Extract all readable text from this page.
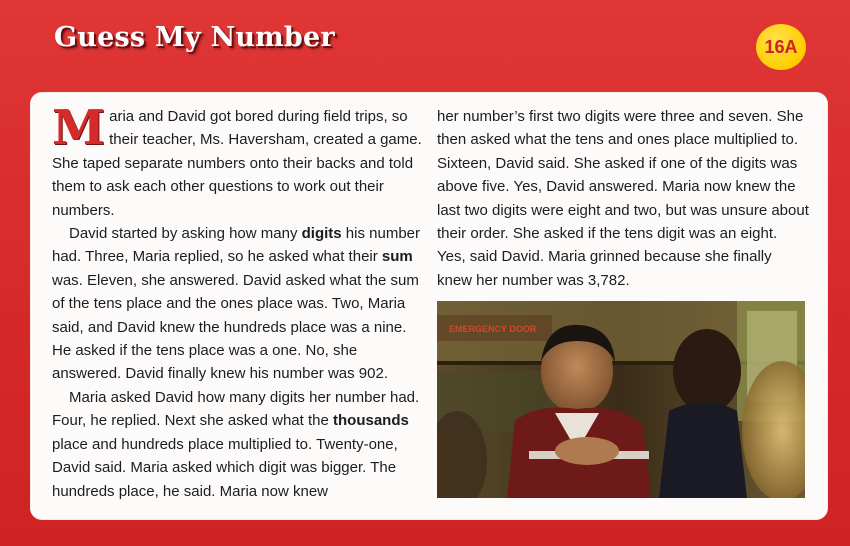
Guess My Number	16A

Maria and David got bored during field trips, so their teacher, Ms. Haversham, created a game. She taped separate numbers onto their backs and told them to ask each other questions to work out their numbers.

David started by asking how many digits his number had. Three, Maria replied, so he asked what their sum was. Eleven, she answered. David asked what the sum of the tens place and the ones place was. Two, Maria said, and David knew the hundreds place was a nine. He asked if the tens place was a one. No, she answered. David finally knew his number was 902.

Maria asked David how many digits her number had. Four, he replied. Next she asked what the thousands place and hundreds place multiplied to. Twenty-one, David said. Maria asked which digit was bigger. The hundreds place, he said. Maria now knew

her number’s first two digits were three and seven. She then asked what the tens and ones place multiplied to. Sixteen, David said. She asked if one of the digits was above five. Yes, David answered. Maria now knew the last two digits were eight and two, but was unsure about their order. She asked if the tens digit was an eight. Yes, said David. Maria grinned because she finally knew her number was 3,782.

EMERGENCY DOOR
